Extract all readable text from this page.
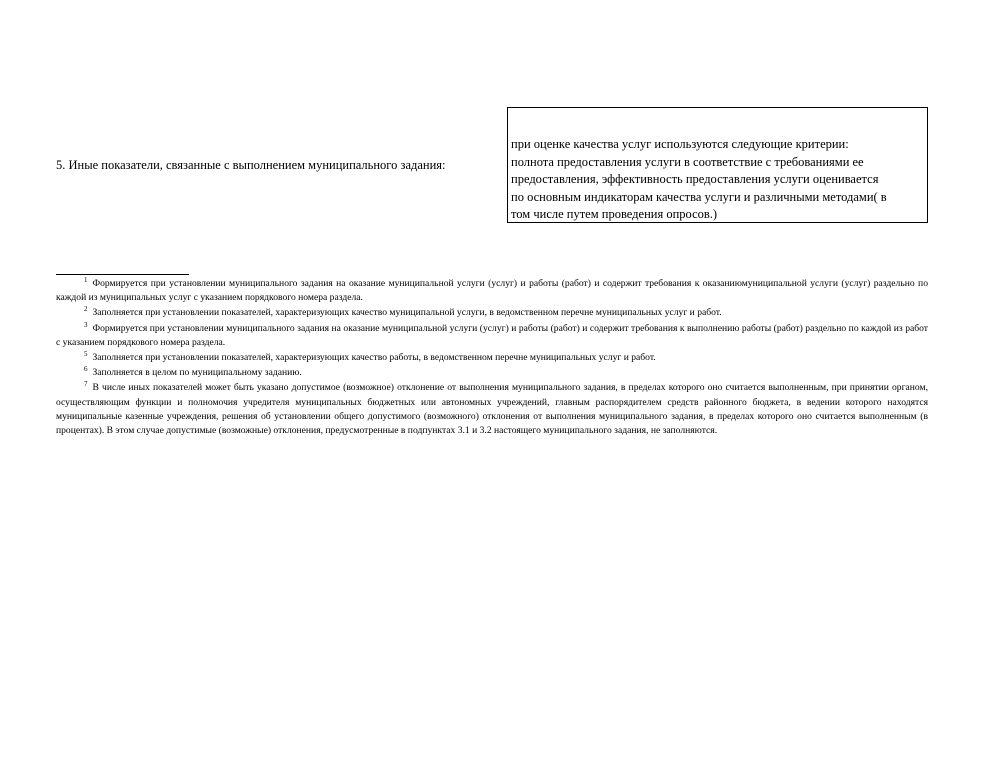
5. Иные показатели, связанные с выполнением муниципального задания:
при оценке качества услуг используются следующие критерии:
полнота предоставления услуги в соответствие с требованиями ее
предоставления, эффективность предоставления услуги оценивается
по основным индикаторам качества услуги и различными методами( в
том числе путем проведения опросов.)

$^1$ Формируется при установлении муниципального задания на оказание муниципальной услуги (услуг) и работы (работ) и содержит требования к оказаниюмуниципальной услуги (услуг) раздельно по каждой из муниципальных услуг с указанием порядкового номера раздела.

$^2$ Заполняется при установлении показателей, характеризующих качество муниципальной услуги, в ведомственном перечне муниципальных услуг и работ.

$^3$ Формируется при установлении муниципального задания на оказание муниципальной услуги (услуг) и работы (работ) и содержит требования к выполнению работы (работ) раздельно по каждой из работ с указанием порядкового номера раздела.

$^5$ Заполняется при установлении показателей, характеризующих качество работы, в ведомственном перечне муниципальных услуг и работ.

$^6$ Заполняется в целом по муниципальному заданию.

$^7$ В числе иных показателей может быть указано допустимое (возможное) отклонение от выполнения муниципального задания, в пределах которого оно считается выполненным, при принятии органом, осуществляющим функции и полномочия учредителя муниципальных бюджетных или автономных учреждений, главным распорядителем средств районного бюджета, в ведении которого находятся муниципальные казенные учреждения, решения об установлении общего допустимого (возможного) отклонения от выполнения муниципального задания, в пределах которого оно считается выполненным (в процентах). В этом случае допустимые (возможные) отклонения, предусмотренные в подпунктах 3.1 и 3.2 настоящего муниципального задания, не заполняются.
